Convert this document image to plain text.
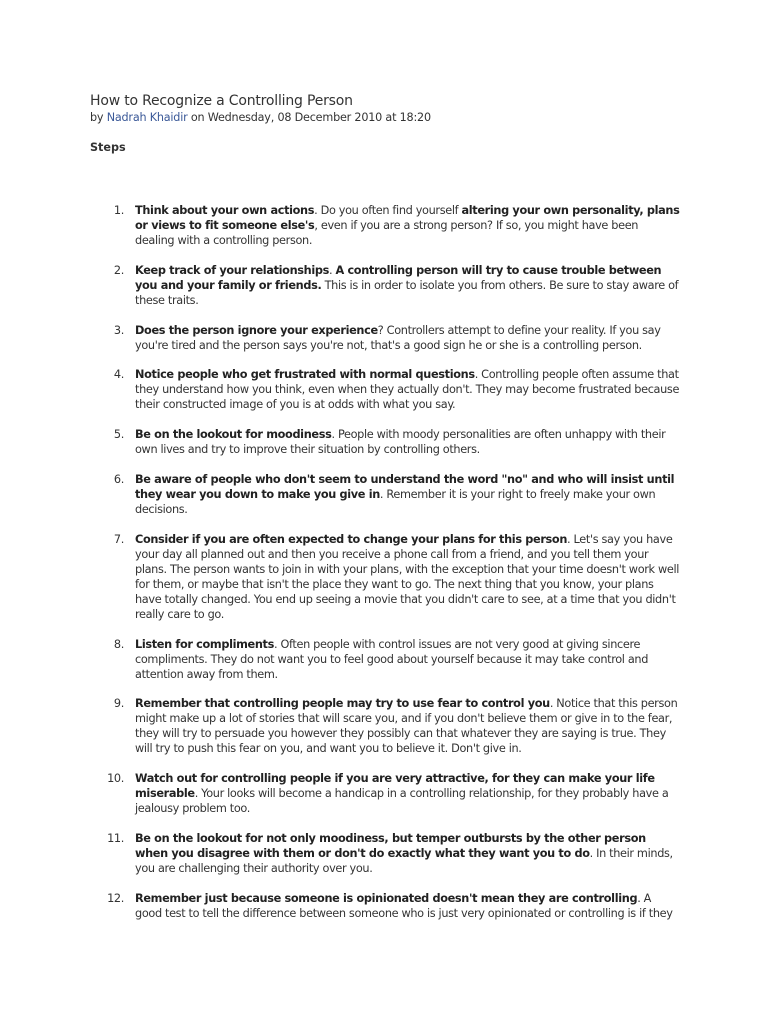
How to Recognize a Controlling Person
by Nadrah Khaidir on Wednesday, 08 December 2010 at 18:20
Steps
1. Think about your own actions. Do you often find yourself altering your own personality, plans or views to fit someone else's, even if you are a strong person? If so, you might have been dealing with a controlling person.
2. Keep track of your relationships. A controlling person will try to cause trouble between you and your family or friends. This is in order to isolate you from others. Be sure to stay aware of these traits.
3. Does the person ignore your experience? Controllers attempt to define your reality. If you say you're tired and the person says you're not, that's a good sign he or she is a controlling person.
4. Notice people who get frustrated with normal questions. Controlling people often assume that they understand how you think, even when they actually don't. They may become frustrated because their constructed image of you is at odds with what you say.
5. Be on the lookout for moodiness. People with moody personalities are often unhappy with their own lives and try to improve their situation by controlling others.
6. Be aware of people who don't seem to understand the word "no" and who will insist until they wear you down to make you give in. Remember it is your right to freely make your own decisions.
7. Consider if you are often expected to change your plans for this person. Let's say you have your day all planned out and then you receive a phone call from a friend, and you tell them your plans. The person wants to join in with your plans, with the exception that your time doesn't work well for them, or maybe that isn't the place they want to go. The next thing that you know, your plans have totally changed. You end up seeing a movie that you didn't care to see, at a time that you didn't really care to go.
8. Listen for compliments. Often people with control issues are not very good at giving sincere compliments. They do not want you to feel good about yourself because it may take control and attention away from them.
9. Remember that controlling people may try to use fear to control you. Notice that this person might make up a lot of stories that will scare you, and if you don't believe them or give in to the fear, they will try to persuade you however they possibly can that whatever they are saying is true. They will try to push this fear on you, and want you to believe it. Don't give in.
10. Watch out for controlling people if you are very attractive, for they can make your life miserable. Your looks will become a handicap in a controlling relationship, for they probably have a jealousy problem too.
11. Be on the lookout for not only moodiness, but temper outbursts by the other person when you disagree with them or don't do exactly what they want you to do. In their minds, you are challenging their authority over you.
12. Remember just because someone is opinionated doesn't mean they are controlling. A good test to tell the difference between someone who is just very opinionated or controlling is if they
